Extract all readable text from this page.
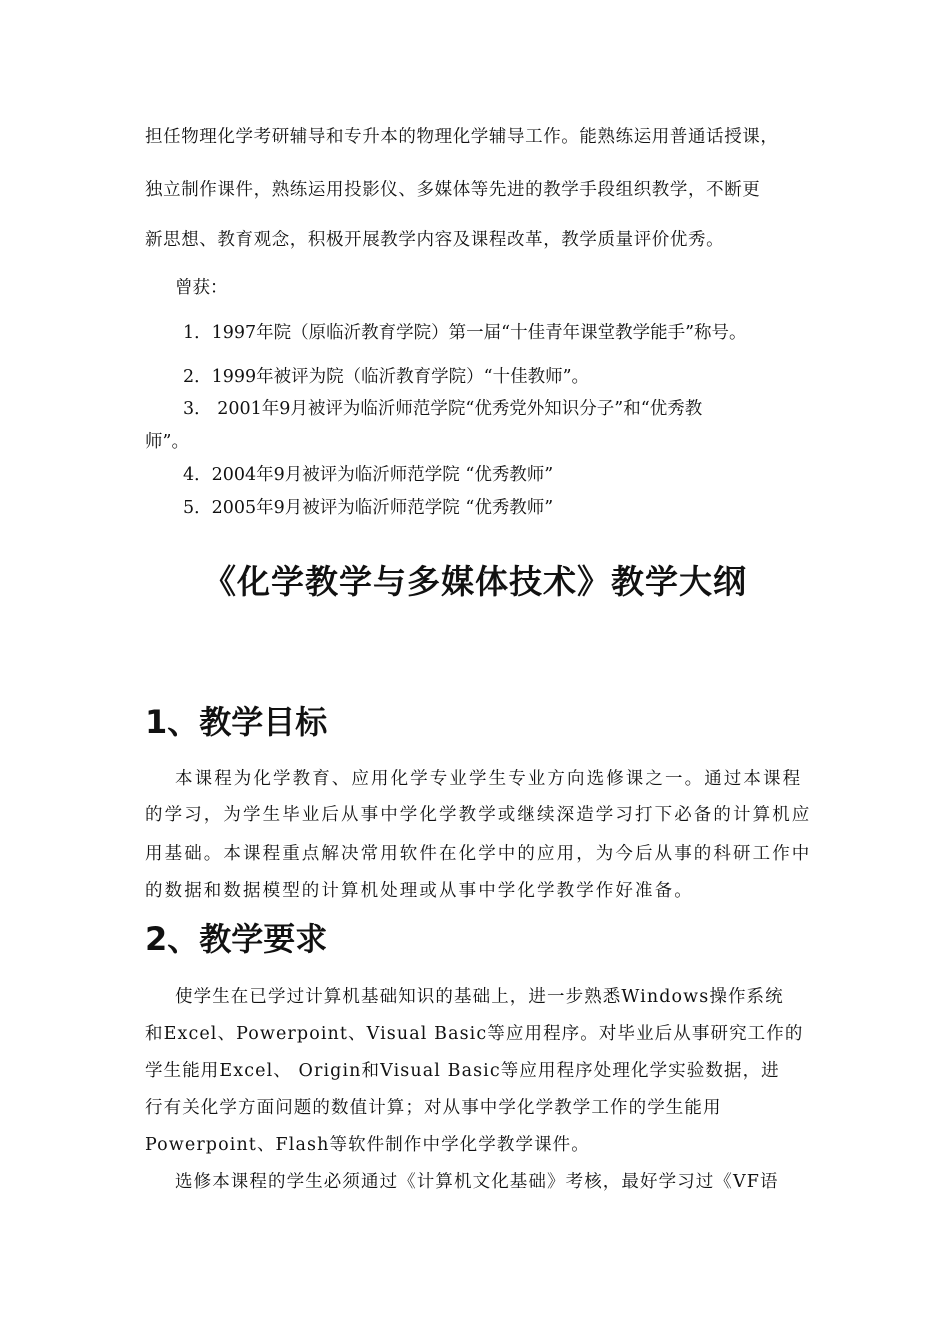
担任物理化学考研辅导和专升本的物理化学辅导工作。能熟练运用普通话授课，
独立制作课件，熟练运用投影仪、多媒体等先进的教学手段组织教学，不断更
新思想、教育观念，积极开展教学内容及课程改革，教学质量评价优秀。
曾获：
1．1997年院（原临沂教育学院）第一届“十佳青年课堂教学能手”称号。
2．1999年被评为院（临沂教育学院）“十佳教师”。
3． 2001年9月被评为临沂师范学院“优秀党外知识分子”和“优秀教
师”。
4．2004年9月被评为临沂师范学院 “优秀教师”
5．2005年9月被评为临沂师范学院 “优秀教师”
《化学教学与多媒体技术》教学大纲
1、教学目标
本课程为化学教育、应用化学专业学生专业方向选修课之一。通过本课程
的学习，为学生毕业后从事中学化学教学或继续深造学习打下必备的计算机应
用基础。本课程重点解决常用软件在化学中的应用，为今后从事的科研工作中
的数据和数据模型的计算机处理或从事中学化学教学作好准备。
2、教学要求
使学生在已学过计算机基础知识的基础上，进一步熟悉Windows操作系统
和Excel、Powerpoint、Visual Basic等应用程序。对毕业后从事研究工作的
学生能用Excel、 Origin和Visual Basic等应用程序处理化学实验数据，进
行有关化学方面问题的数值计算；对从事中学化学教学工作的学生能用
Powerpoint、Flash等软件制作中学化学教学课件。
选修本课程的学生必须通过《计算机文化基础》考核，最好学习过《VF语
